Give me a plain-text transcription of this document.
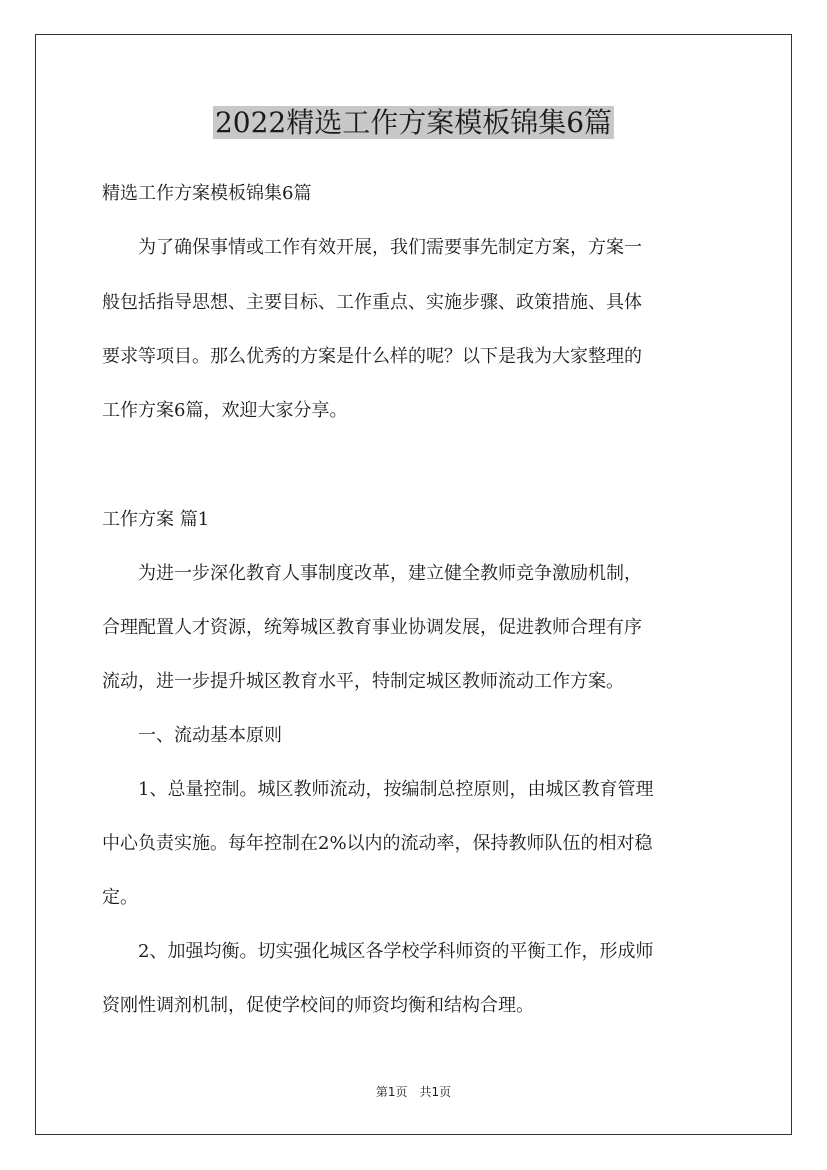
2022精选工作方案模板锦集6篇
精选工作方案模板锦集6篇
　　为了确保事情或工作有效开展，我们需要事先制定方案，方案一
般包括指导思想、主要目标、工作重点、实施步骤、政策措施、具体
要求等项目。那么优秀的方案是什么样的呢？以下是我为大家整理的
工作方案6篇，欢迎大家分享。
工作方案 篇1
　　为进一步深化教育人事制度改革，建立健全教师竞争激励机制，
合理配置人才资源，统筹城区教育事业协调发展，促进教师合理有序
流动，进一步提升城区教育水平，特制定城区教师流动工作方案。
　　一、流动基本原则
　　1、总量控制。城区教师流动，按编制总控原则，由城区教育管理
中心负责实施。每年控制在2%以内的流动率，保持教师队伍的相对稳
定。
　　2、加强均衡。切实强化城区各学校学科师资的平衡工作，形成师
资刚性调剂机制，促使学校间的师资均衡和结构合理。
第1页　共1页
